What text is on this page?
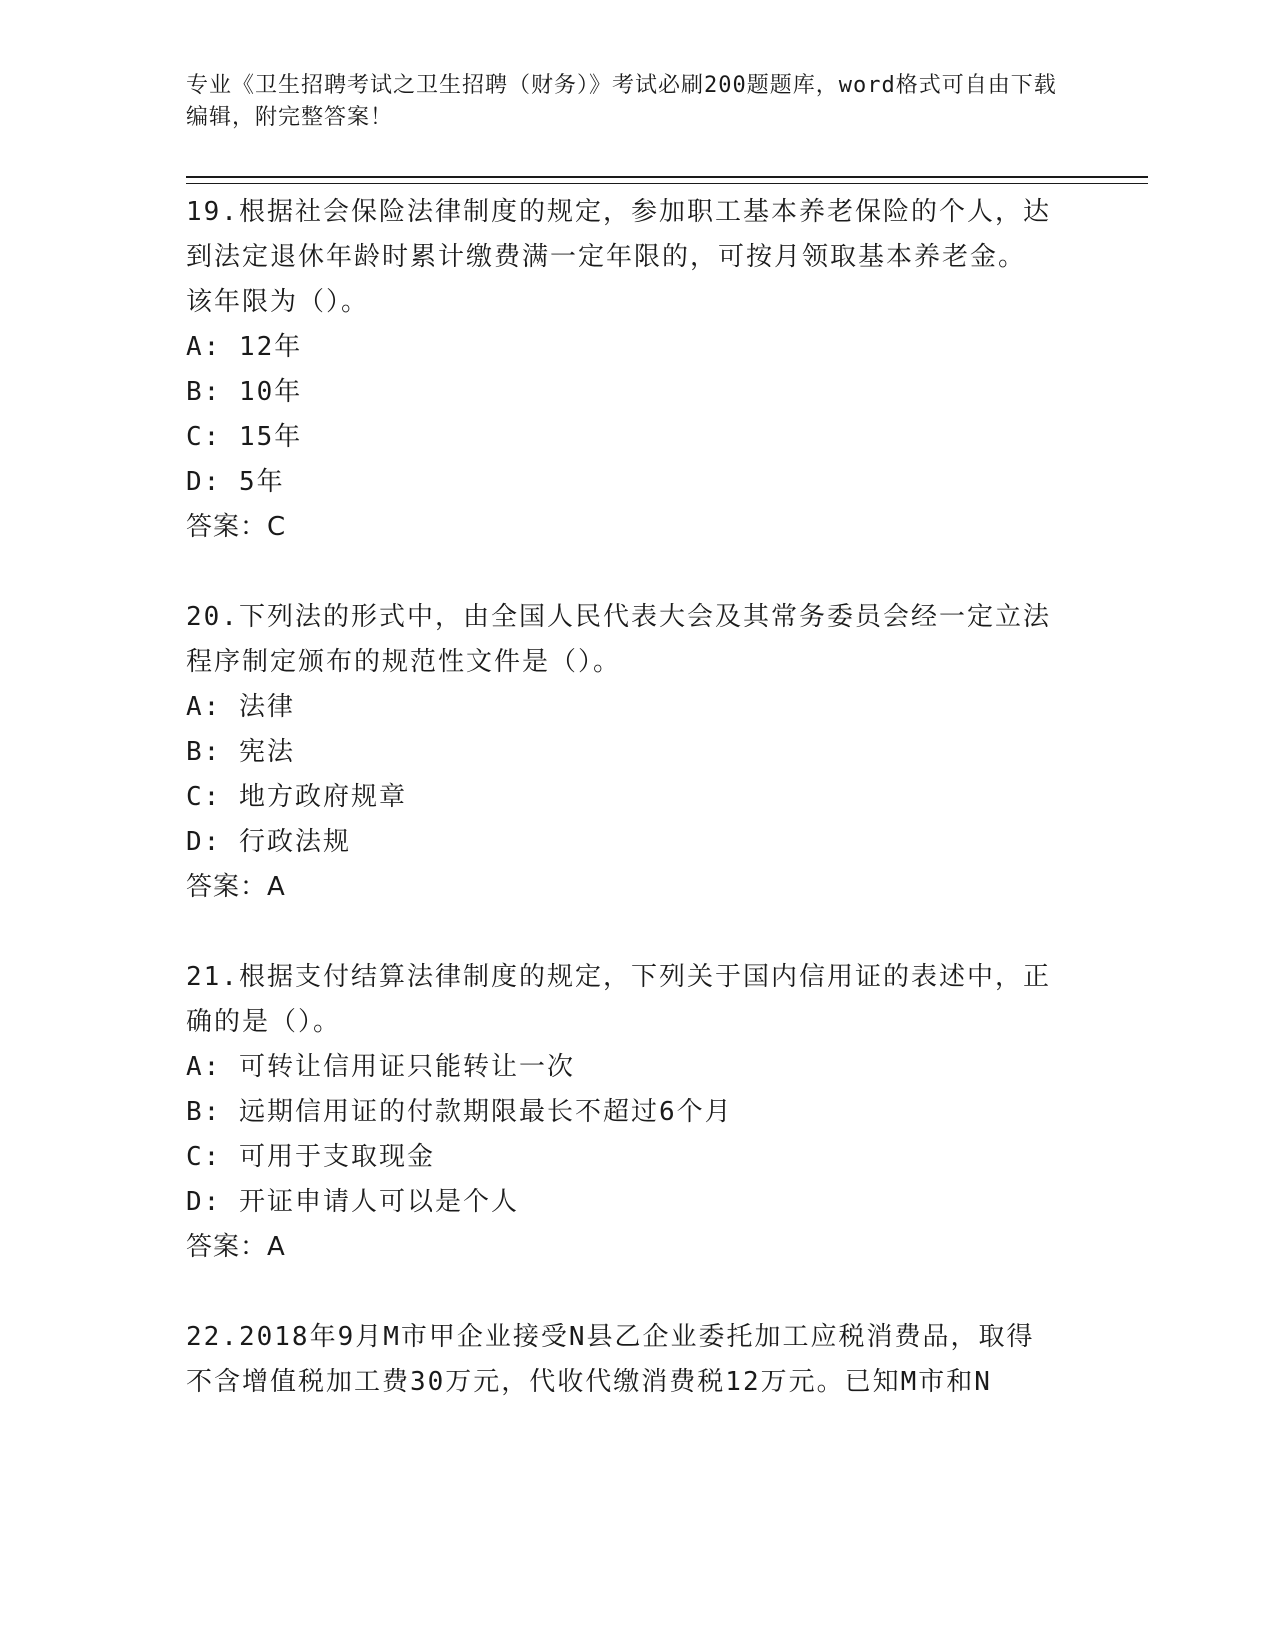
专业《卫生招聘考试之卫生招聘（财务）》考试必刷200题题库，word格式可自由下载编辑，附完整答案！

19.根据社会保险法律制度的规定，参加职工基本养老保险的个人，达

到法定退休年龄时累计缴费满一定年限的，可按月领取基本养老金。

该年限为（）。

A: 12年

B: 10年

C: 15年

D: 5年

答案：C

20.下列法的形式中，由全国人民代表大会及其常务委员会经一定立法

程序制定颁布的规范性文件是（）。

A: 法律

B: 宪法

C: 地方政府规章

D: 行政法规

答案：A

21.根据支付结算法律制度的规定，下列关于国内信用证的表述中，正

确的是（）。

A: 可转让信用证只能转让一次

B: 远期信用证的付款期限最长不超过6个月

C: 可用于支取现金

D: 开证申请人可以是个人

答案：A

22.2018年9月M市甲企业接受N县乙企业委托加工应税消费品，取得

不含增值税加工费30万元，代收代缴消费税12万元。已知M市和N
